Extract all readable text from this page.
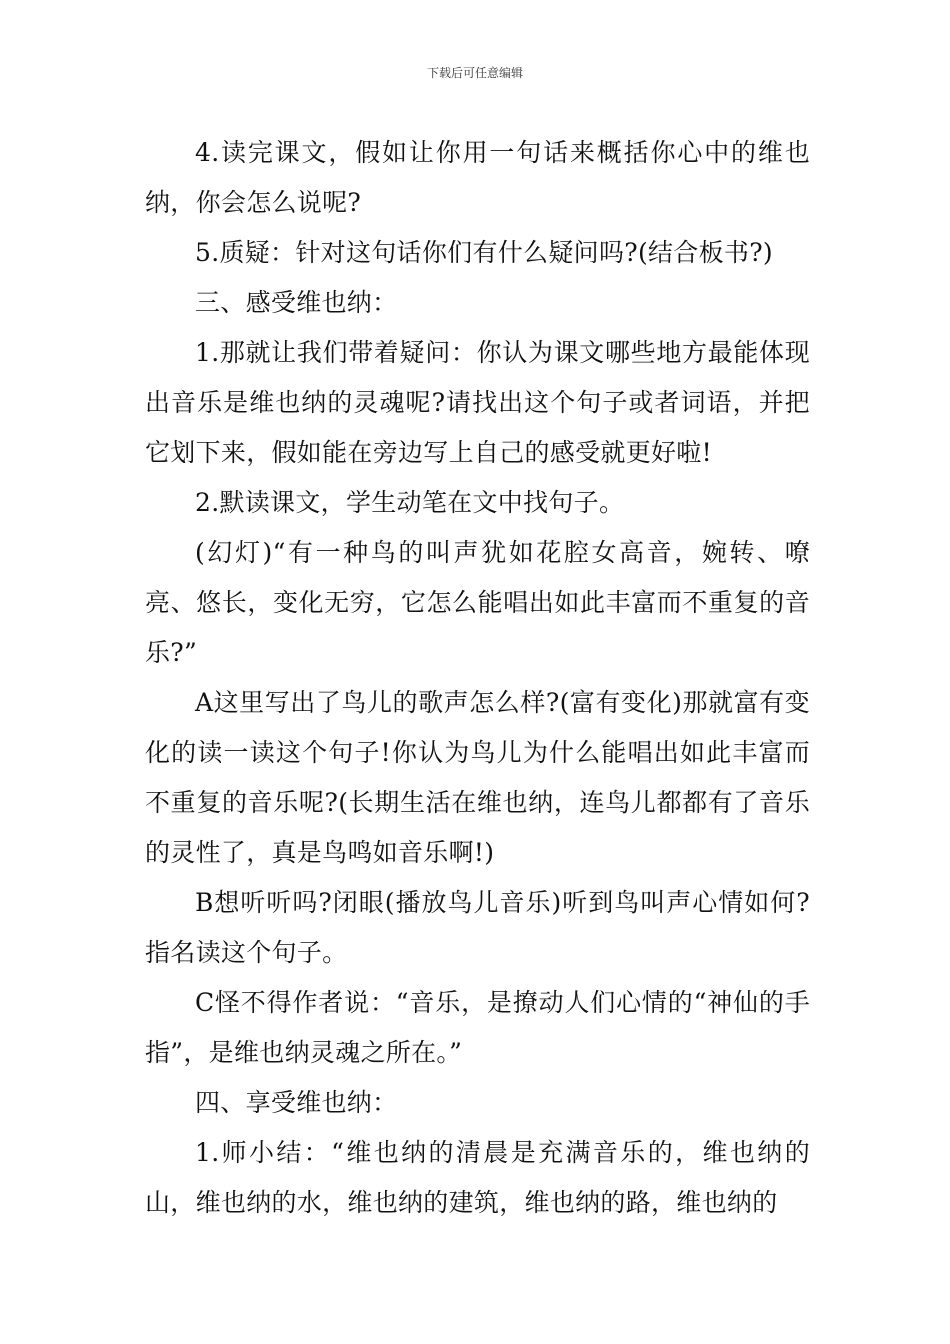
下载后可任意编辑

4.读完课文，假如让你用一句话来概括你心中的维也纳，你会怎么说呢?

5.质疑：针对这句话你们有什么疑问吗?(结合板书?)

三、感受维也纳：

1.那就让我们带着疑问：你认为课文哪些地方最能体现出音乐是维也纳的灵魂呢?请找出这个句子或者词语，并把它划下来，假如能在旁边写上自己的感受就更好啦!

2.默读课文，学生动笔在文中找句子。

(幻灯)“有一种鸟的叫声犹如花腔女高音，婉转、嘹亮、悠长，变化无穷，它怎么能唱出如此丰富而不重复的音乐?”

A这里写出了鸟儿的歌声怎么样?(富有变化)那就富有变化的读一读这个句子!你认为鸟儿为什么能唱出如此丰富而不重复的音乐呢?(长期生活在维也纳，连鸟儿都都有了音乐的灵性了，真是鸟鸣如音乐啊!)

B想听听吗?闭眼(播放鸟儿音乐)听到鸟叫声心情如何?指名读这个句子。

C怪不得作者说：“音乐，是撩动人们心情的“神仙的手指”，是维也纳灵魂之所在。”

四、享受维也纳：

1.师小结：“维也纳的清晨是充满音乐的，维也纳的山，维也纳的水，维也纳的建筑，维也纳的路，维也纳的
